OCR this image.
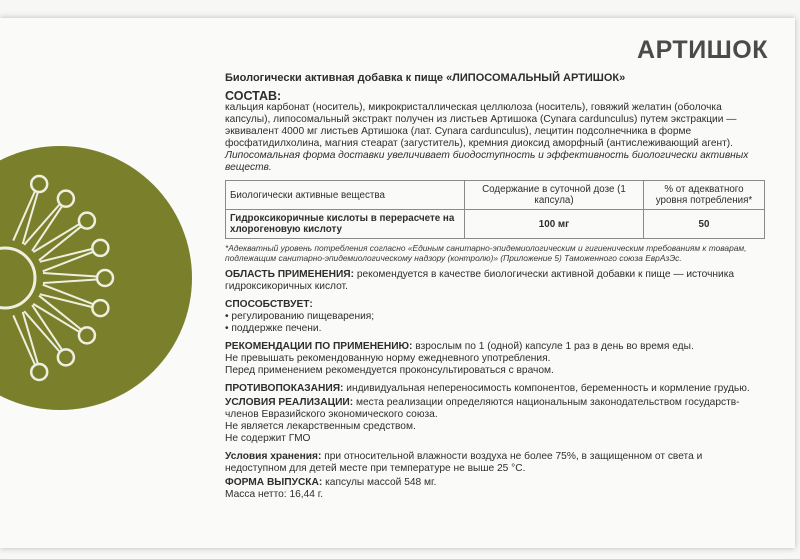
АРТИШОК
Биологически активная добавка к пище «ЛИПОСОМАЛЬНЫЙ АРТИШОК»
СОСТАВ:

кальция карбонат (носитель), микрокристаллическая целлюлоза (носитель), говяжий желатин (оболочка капсулы), липосомальный экстракт получен из листьев Артишока (Cynara cardunculus) путем экстракции — эквивалент 4000 мг листьев Артишока (лат. Cynara cardunculus), лецитин подсолнечника в форме фосфатидилхолина, магния стеарат (загуститель), кремния диоксид аморфный (антислеживающий агент).

Липосомальная форма доставки увеличивает биодоступность и эффективность биологически активных веществ.

Биологически активные вещества	Содержание в суточной дозе (1 капсула)	% от адекватного уровня потребления*
Гидроксикоричные кислоты в перерасчете на хлорогеновую кислоту	100 мг	50
*Адекватный уровень потребления согласно «Единым санитарно-эпидемиологическим и гигиеническим требованиям к товарам, подлежащим санитарно-эпидемиологическому надзору (контролю)» (Приложение 5) Таможенного союза ЕврАзЭс.
ОБЛАСТЬ ПРИМЕНЕНИЯ: рекомендуется в качестве биологически активной добавки к пище — источника гидроксикоричных кислот.
СПОСОБСТВУЕТ:
• регулированию пищеварения;
• поддержке печени.
РЕКОМЕНДАЦИИ ПО ПРИМЕНЕНИЮ: взрослым по 1 (одной) капсуле 1 раз в день во время еды.
Не превышать рекомендованную норму ежедневного употребления.
Перед применением рекомендуется проконсультироваться с врачом.
ПРОТИВОПОКАЗАНИЯ: индивидуальная непереносимость компонентов, беременность и кормление грудью.
УСЛОВИЯ РЕАЛИЗАЦИИ: места реализации определяются национальным законодательством государств-членов Евразийского экономического союза.
Не является лекарственным средством.
Не содержит ГМО
Условия хранения: при относительной влажности воздуха не более 75%, в защищенном от света и недоступном для детей месте при температуре не выше 25 °С.
ФОРМА ВЫПУСКА: капсулы массой 548 мг.
Масса нетто: 16,44 г.
